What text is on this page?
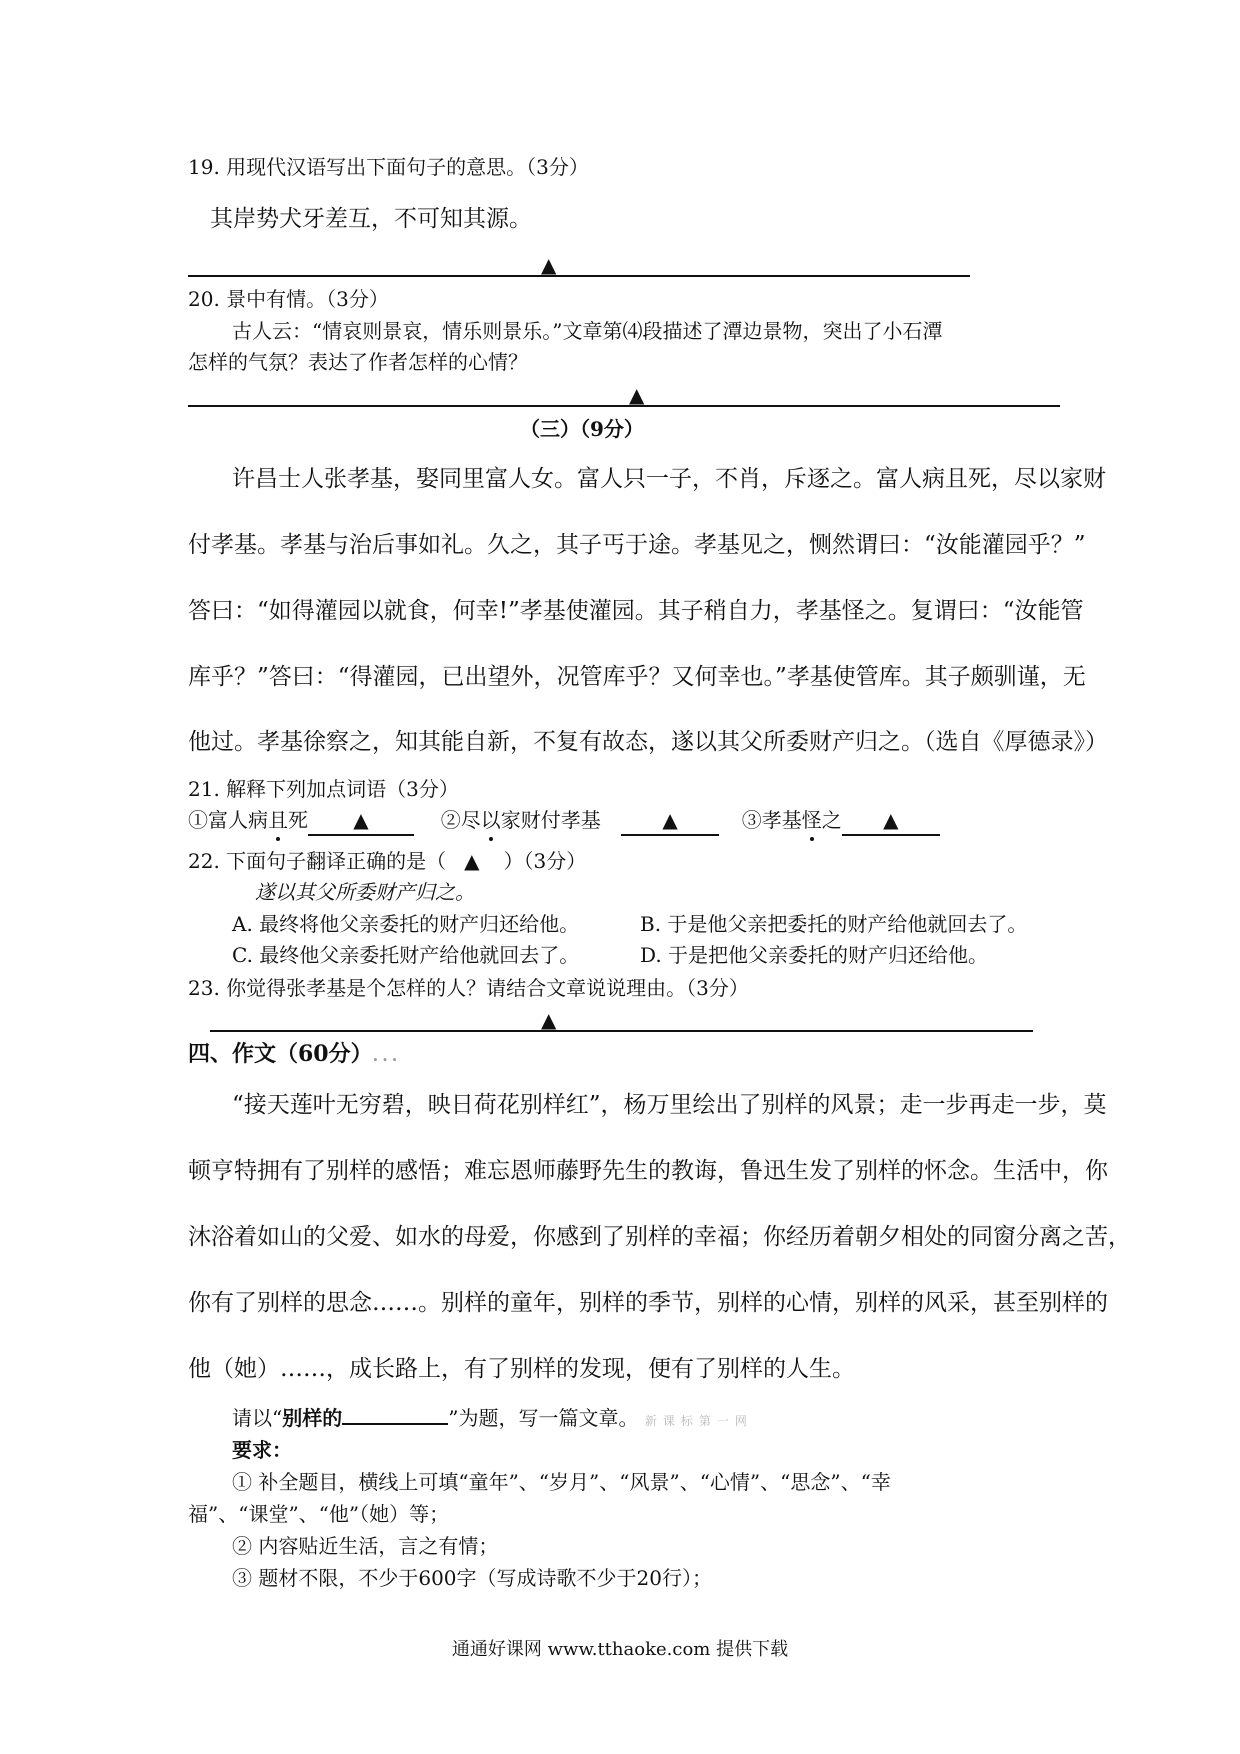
19. 用现代汉语写出下面句子的意思。（3分）
其岸势犬牙差互，不可知其源。
▲
20. 景中有情。（3分）
古人云：“情哀则景哀，情乐则景乐。”文章第⑷段描述了潭边景物，突出了小石潭
怎样的气氛？表达了作者怎样的心情？
▲
（三）（9分）
许昌士人张孝基，娶同里富人女。富人只一子，不肖，斥逐之。富人病且死，尽以家财
付孝基。孝基与治后事如礼。久之，其子丐于途。孝基见之，恻然谓曰：“汝能灌园乎？”
答曰：“如得灌园以就食，何幸!”孝基使灌园。其子稍自力，孝基怪之。复谓曰：“汝能管
库乎？”答曰：“得灌园，已出望外，况管库乎？又何幸也。”孝基使管库。其子颇驯谨，无
他过。孝基徐察之，知其能自新，不复有故态，遂以其父所委财产归之。（选自《厚德录》）
21. 解释下列加点词语（3分）
①富人病且死 ▲	②尽以家财付孝基	▲	③孝基怪之 ▲
22. 下面句子翻译正确的是（ ▲ ）（3分）
遂以其父所委财产归之。
A. 最终将他父亲委托的财产归还给他。	B. 于是他父亲把委托的财产给他就回去了。
C. 最终他父亲委托财产给他就回去了。	D. 于是把他父亲委托的财产归还给他。
23. 你觉得张孝基是个怎样的人？请结合文章说说理由。（3分）
▲
四、作文（60分）...
“接天莲叶无穷碧，映日荷花别样红”，杨万里绘出了别样的风景；走一步再走一步，莫
顿亨特拥有了别样的感悟；难忘恩师藤野先生的教诲，鲁迅生发了别样的怀念。生活中，你
沐浴着如山的父爱、如水的母爱，你感到了别样的幸福；你经历着朝夕相处的同窗分离之苦，
你有了别样的思念……。别样的童年，别样的季节，别样的心情，别样的风采，甚至别样的
他（她）……，成长路上，有了别样的发现，便有了别样的人生。
请以“别样的	”为题，写一篇文章。 新课标第一网
要求：
① 补全题目，横线上可填“童年”、“岁月”、“风景”、“心情”、“思念”、“幸
福”、“课堂”、“他”（她）等；
② 内容贴近生活，言之有情；
③ 题材不限，不少于600字（写成诗歌不少于20行）；
通通好课网 www.tthaoke.com 提供下载
